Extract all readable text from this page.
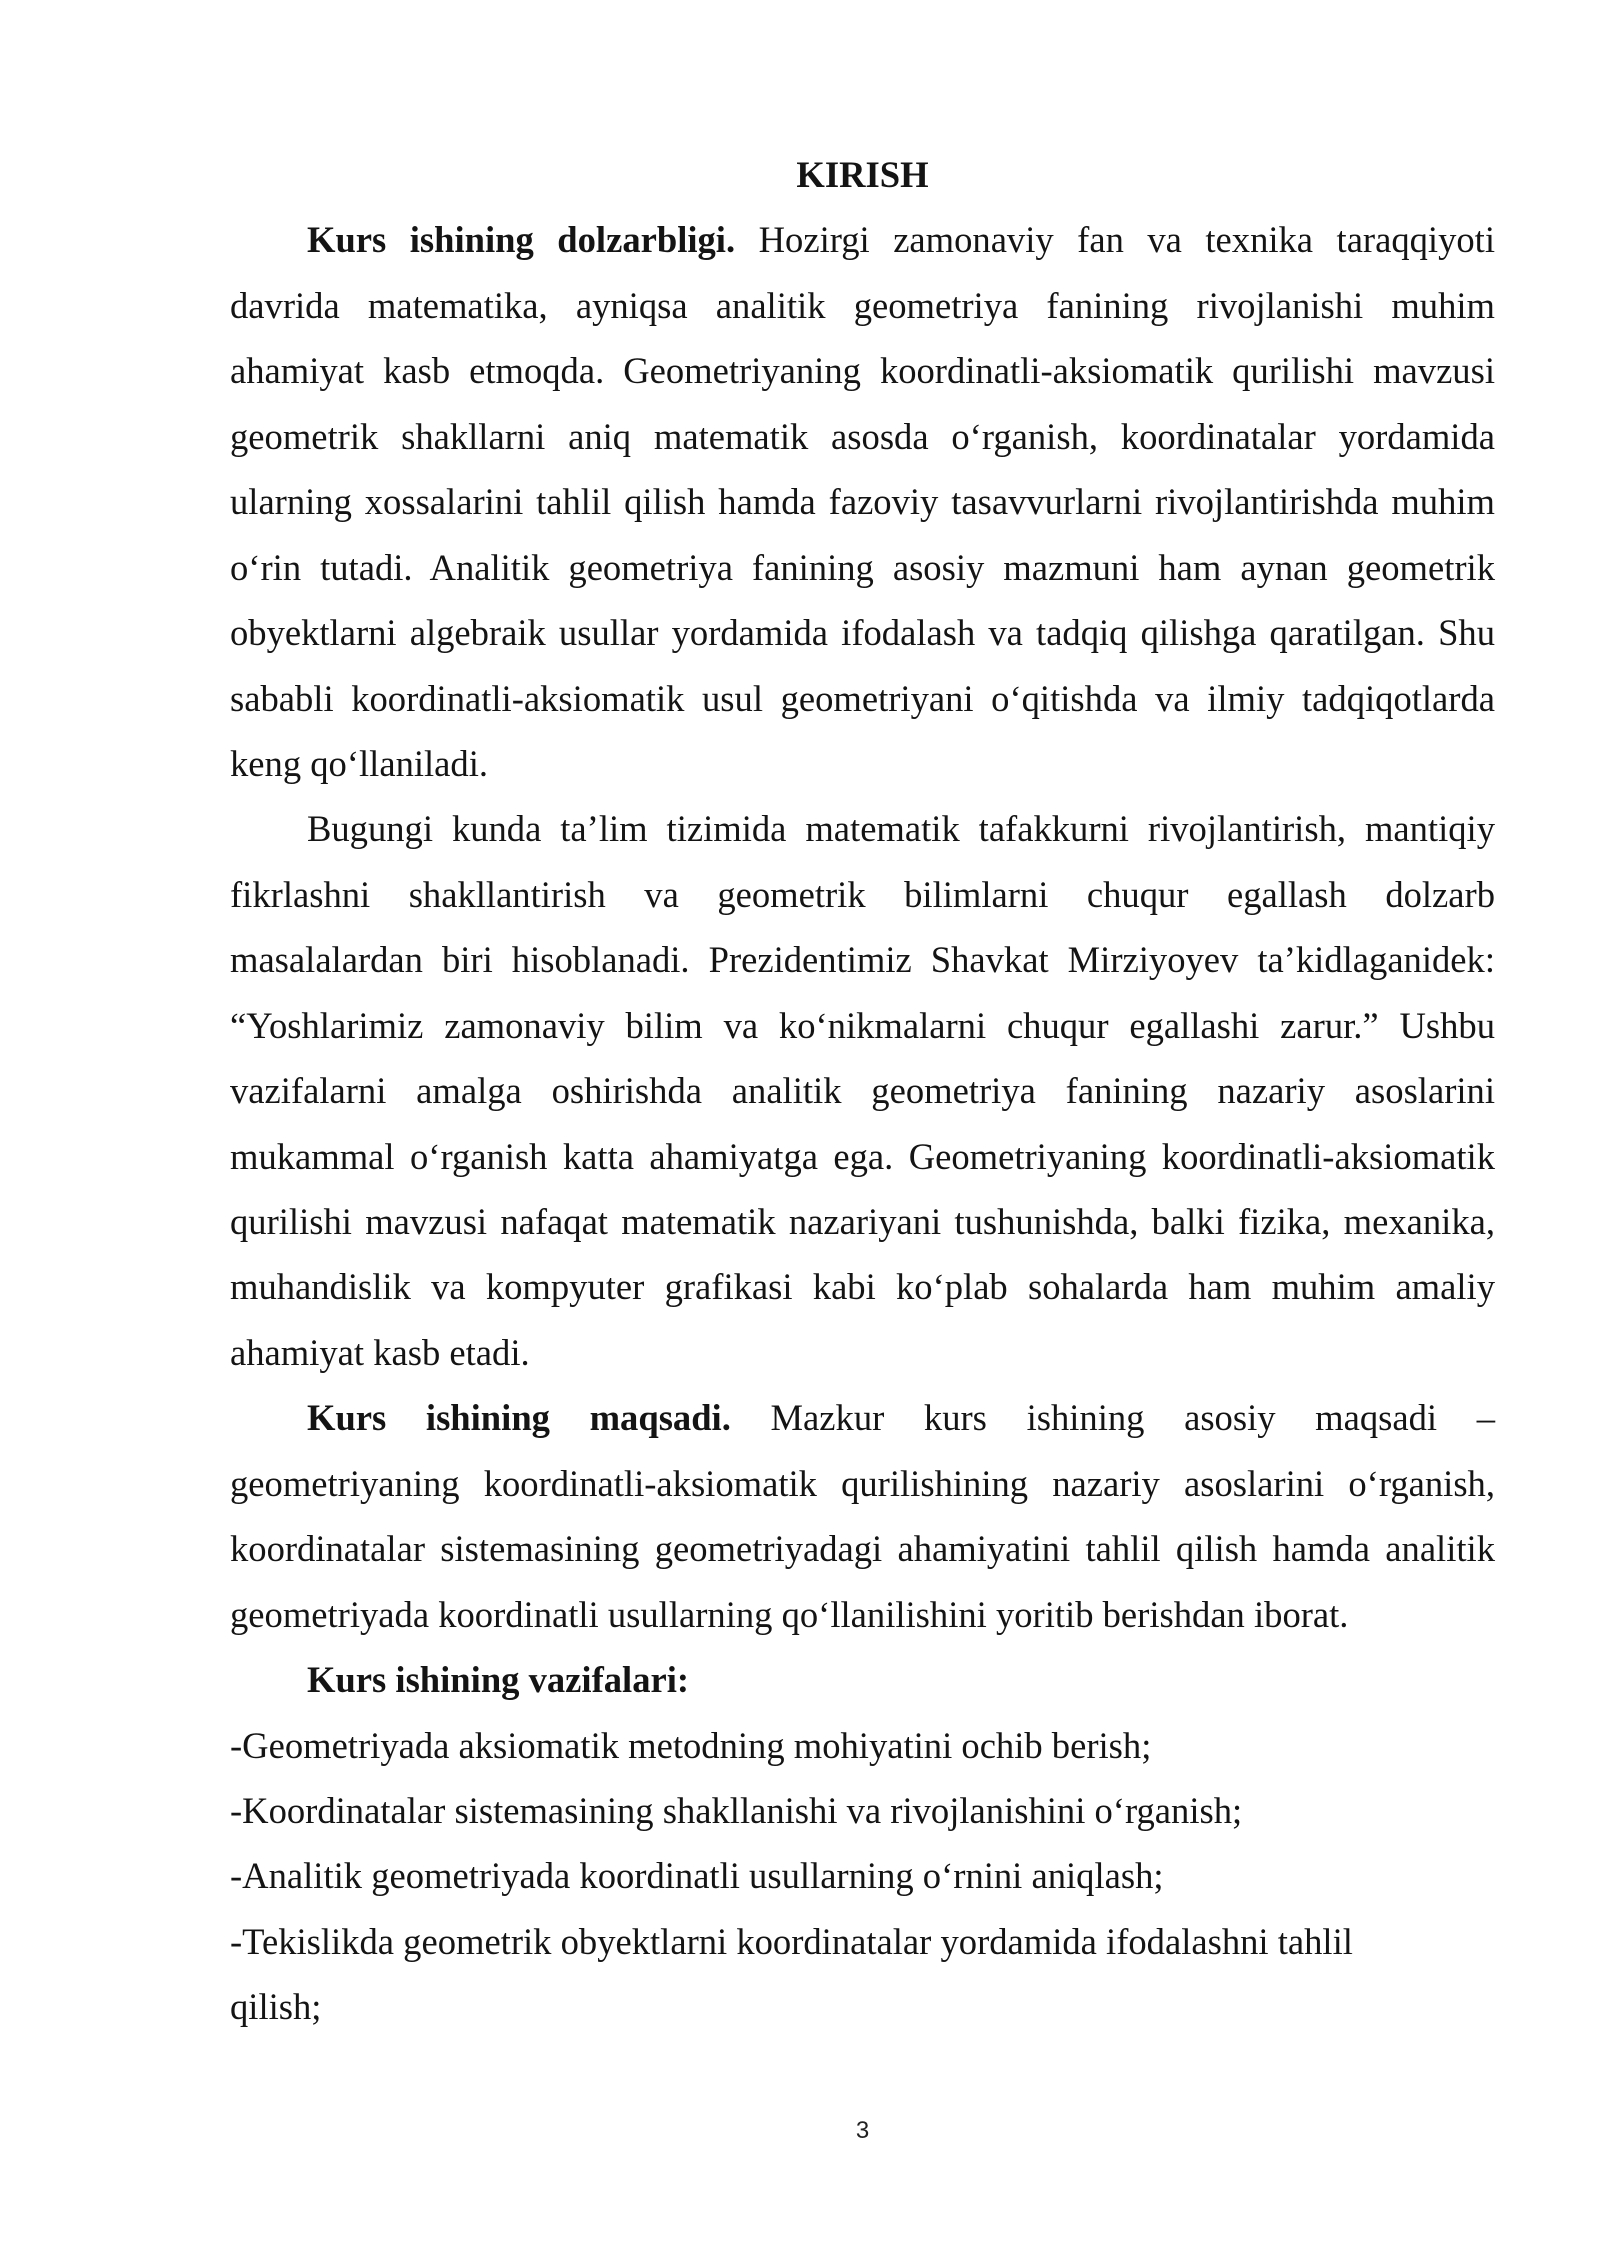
KIRISH
Kurs ishining dolzarbligi. Hozirgi zamonaviy fan va texnika taraqqiyoti
davrida matematika, ayniqsa analitik geometriya fanining rivojlanishi muhim
ahamiyat kasb etmoqda. Geometriyaning koordinatli-aksiomatik qurilishi mavzusi
geometrik shakllarni aniq matematik asosda o‘rganish, koordinatalar yordamida
ularning xossalarini tahlil qilish hamda fazoviy tasavvurlarni rivojlantirishda muhim
o‘rin tutadi. Analitik geometriya fanining asosiy mazmuni ham aynan geometrik
obyektlarni algebraik usullar yordamida ifodalash va tadqiq qilishga qaratilgan. Shu
sababli koordinatli-aksiomatik usul geometriyani o‘qitishda va ilmiy tadqiqotlarda
keng qo‘llaniladi.
Bugungi kunda ta’lim tizimida matematik tafakkurni rivojlantirish, mantiqiy
fikrlashni shakllantirish va geometrik bilimlarni chuqur egallash dolzarb
masalalardan biri hisoblanadi. Prezidentimiz Shavkat Mirziyoyev ta’kidlaganidek:
“Yoshlarimiz zamonaviy bilim va ko‘nikmalarni chuqur egallashi zarur.” Ushbu
vazifalarni amalga oshirishda analitik geometriya fanining nazariy asoslarini
mukammal o‘rganish katta ahamiyatga ega. Geometriyaning koordinatli-aksiomatik
qurilishi mavzusi nafaqat matematik nazariyani tushunishda, balki fizika, mexanika,
muhandislik va kompyuter grafikasi kabi ko‘plab sohalarda ham muhim amaliy
ahamiyat kasb etadi.
Kurs ishining maqsadi. Mazkur kurs ishining asosiy maqsadi –
geometriyaning koordinatli-aksiomatik qurilishining nazariy asoslarini o‘rganish,
koordinatalar sistemasining geometriyadagi ahamiyatini tahlil qilish hamda analitik
geometriyada koordinatli usullarning qo‘llanilishini yoritib berishdan iborat.
Kurs ishining vazifalari:
-Geometriyada aksiomatik metodning mohiyatini ochib berish;
-Koordinatalar sistemasining shakllanishi va rivojlanishini o‘rganish;
-Analitik geometriyada koordinatli usullarning o‘rnini aniqlash;
-Tekislikda geometrik obyektlarni koordinatalar yordamida ifodalashni tahlil
qilish;
3
